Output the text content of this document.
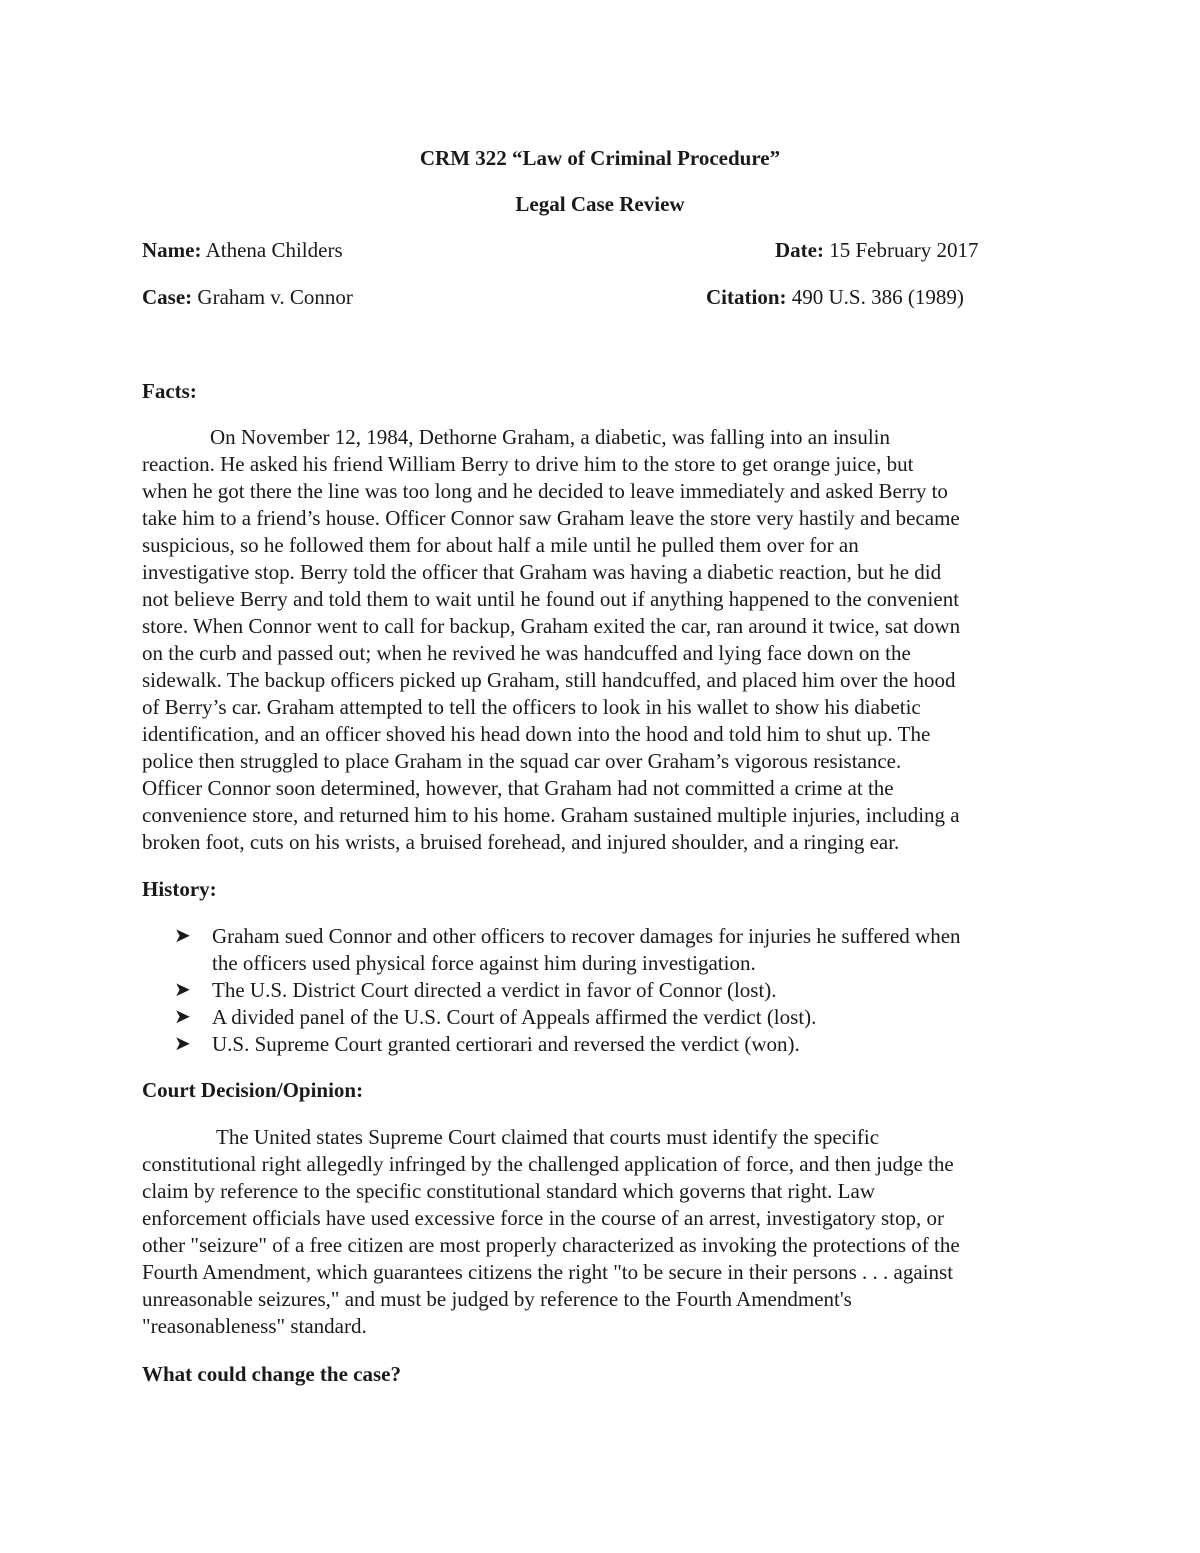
CRM 322 “Law of Criminal Procedure”
Legal Case Review
Name: Athena Childers	Date: 15 February 2017
Case: Graham v. Connor	Citation: 490 U.S. 386 (1989)
Facts:
On November 12, 1984, Dethorne Graham, a diabetic, was falling into an insulin
reaction. He asked his friend William Berry to drive him to the store to get orange juice, but
when he got there the line was too long and he decided to leave immediately and asked Berry to
take him to a friend’s house. Officer Connor saw Graham leave the store very hastily and became
suspicious, so he followed them for about half a mile until he pulled them over for an
investigative stop. Berry told the officer that Graham was having a diabetic reaction, but he did
not believe Berry and told them to wait until he found out if anything happened to the convenient
store. When Connor went to call for backup, Graham exited the car, ran around it twice, sat down
on the curb and passed out; when he revived he was handcuffed and lying face down on the
sidewalk. The backup officers picked up Graham, still handcuffed, and placed him over the hood
of Berry’s car. Graham attempted to tell the officers to look in his wallet to show his diabetic
identification, and an officer shoved his head down into the hood and told him to shut up. The
police then struggled to place Graham in the squad car over Graham’s vigorous resistance.
Officer Connor soon determined, however, that Graham had not committed a crime at the
convenience store, and returned him to his home. Graham sustained multiple injuries, including a
broken foot, cuts on his wrists, a bruised forehead, and injured shoulder, and a ringing ear.
History:
➤ Graham sued Connor and other officers to recover damages for injuries he suffered when
the officers used physical force against him during investigation.
➤ The U.S. District Court directed a verdict in favor of Connor (lost).
➤ A divided panel of the U.S. Court of Appeals affirmed the verdict (lost).
➤ U.S. Supreme Court granted certiorari and reversed the verdict (won).
Court Decision/Opinion:
The United states Supreme Court claimed that courts must identify the specific
constitutional right allegedly infringed by the challenged application of force, and then judge the
claim by reference to the specific constitutional standard which governs that right. Law
enforcement officials have used excessive force in the course of an arrest, investigatory stop, or
other "seizure" of a free citizen are most properly characterized as invoking the protections of the
Fourth Amendment, which guarantees citizens the right "to be secure in their persons . . . against
unreasonable seizures," and must be judged by reference to the Fourth Amendment's
"reasonableness" standard.
What could change the case?
